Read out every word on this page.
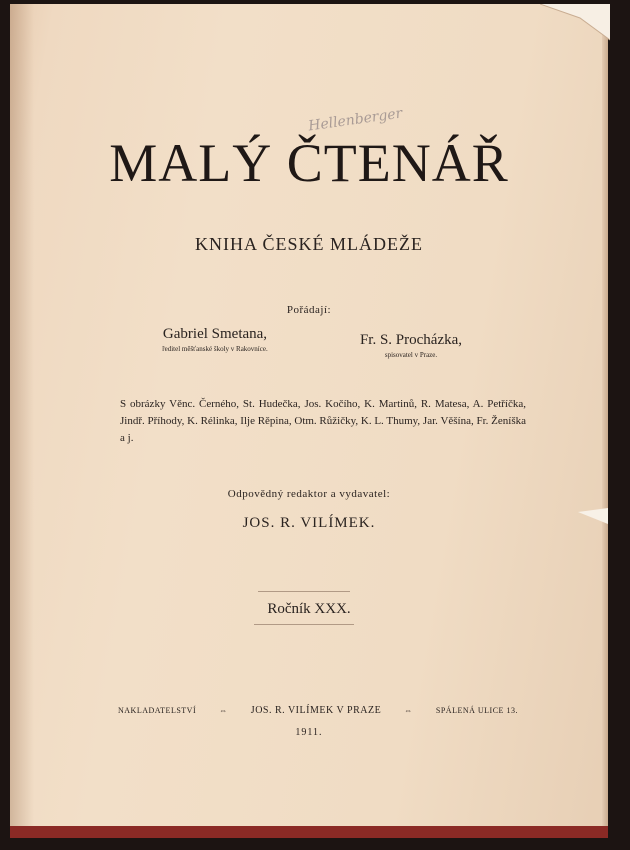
Hellenberger
MALÝ ČTENÁŘ
KNIHA ČESKÉ MLÁDEŽE
Pořádají:
Gabriel Smetana,
ředitel měšťanské školy v Rakovníce.
Fr. S. Procházka,
spisovatel v Praze.
S obrázky Věnc. Černého, St. Hudečka, Jos. Kočího, K. Martinů, R. Matesa, A. Petříčka, Jindř. Příhody, K. Rélinka, Ilje Rěpina, Otm. Růžičky, K. L. Thumy, Jar. Věšína, Fr. Ženíška a j.
Odpovědný redaktor a vydavatel:
JOS. R. VILÍMEK.
Ročník XXX.
NAKLADATELSTVÍ	⇔ JOS. R. VILÍMEK V PRAZE	⇔	SPÁLENÁ ULICE 13.
1911.
